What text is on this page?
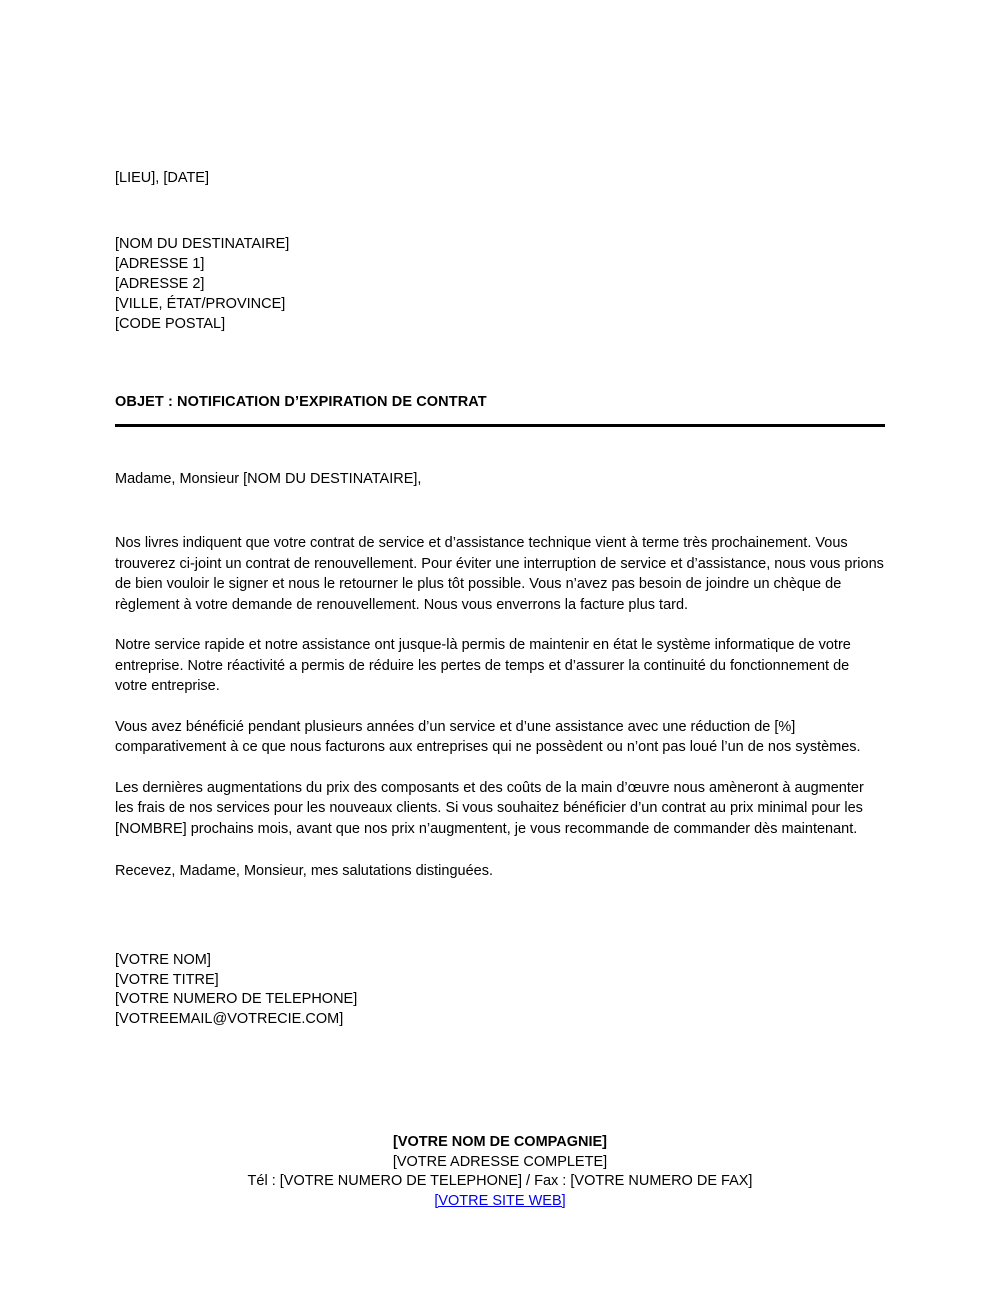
[LIEU], [DATE]
[NOM DU DESTINATAIRE]
[ADRESSE 1]
[ADRESSE 2]
[VILLE, ÉTAT/PROVINCE]
[CODE POSTAL]
OBJET : NOTIFICATION D’EXPIRATION DE CONTRAT
Madame, Monsieur [NOM DU DESTINATAIRE],

Nos livres indiquent que votre contrat de service et d’assistance technique vient à terme très prochainement. Vous trouverez ci-joint un contrat de renouvellement. Pour éviter une interruption de service et d’assistance, nous vous prions de bien vouloir le signer et nous le retourner le plus tôt possible. Vous n’avez pas besoin de joindre un chèque de règlement à votre demande de renouvellement. Nous vous enverrons la facture plus tard.

Notre service rapide et notre assistance ont jusque-là permis de maintenir en état le système informatique de votre entreprise. Notre réactivité a permis de réduire les pertes de temps et d’assurer la continuité du fonctionnement de votre entreprise.

Vous avez bénéficié pendant plusieurs années d’un service et d’une assistance avec une réduction de [%] comparativement à ce que nous facturons aux entreprises qui ne possèdent ou n’ont pas loué l’un de nos systèmes.

Les dernières augmentations du prix des composants et des coûts de la main d’œuvre nous amèneront à augmenter les frais de nos services pour les nouveaux clients. Si vous souhaitez bénéficier d’un contrat au prix minimal pour les [NOMBRE] prochains mois, avant que nos prix n’augmentent, je vous recommande de commander dès maintenant.

Recevez, Madame, Monsieur, mes salutations distinguées.
[VOTRE NOM]
[VOTRE TITRE]
[VOTRE NUMERO DE TELEPHONE]
[VOTREEMAIL@VOTRECIE.COM]
[VOTRE NOM DE COMPAGNIE]
[VOTRE ADRESSE COMPLETE]
Tél : [VOTRE NUMERO DE TELEPHONE] / Fax : [VOTRE NUMERO DE FAX]
[VOTRE SITE WEB]
